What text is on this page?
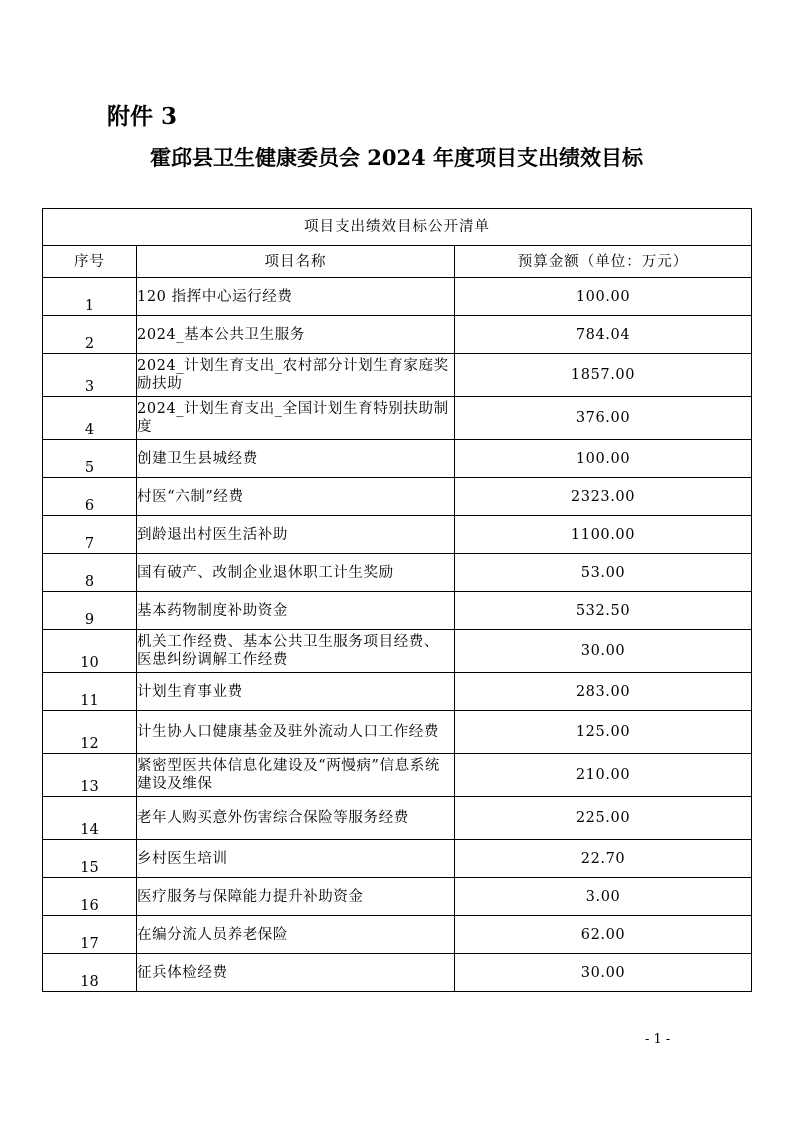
附件 3
霍邱县卫生健康委员会 2024 年度项目支出绩效目标
项目支出绩效目标公开清单		
序号	项目名称	预算金额（单位：万元）
1	120 指挥中心运行经费	100.00
2	2024_基本公共卫生服务	784.04
3	2024_计划生育支出_农村部分计划生育家庭奖励扶助	1857.00
4	2024_计划生育支出_全国计划生育特别扶助制度	376.00
5	创建卫生县城经费	100.00
6	村医“六制”经费	2323.00
7	到龄退出村医生活补助	1100.00
8	国有破产、改制企业退休职工计生奖励	53.00
9	基本药物制度补助资金	532.50
10	机关工作经费、基本公共卫生服务项目经费、医患纠纷调解工作经费	30.00
11	计划生育事业费	283.00
12	计生协人口健康基金及驻外流动人口工作经费	125.00
13	紧密型医共体信息化建设及“两慢病”信息系统建设及维保	210.00
14	老年人购买意外伤害综合保险等服务经费	225.00
15	乡村医生培训	22.70
16	医疗服务与保障能力提升补助资金	3.00
17	在编分流人员养老保险	62.00
18	征兵体检经费	30.00
- 1 -
